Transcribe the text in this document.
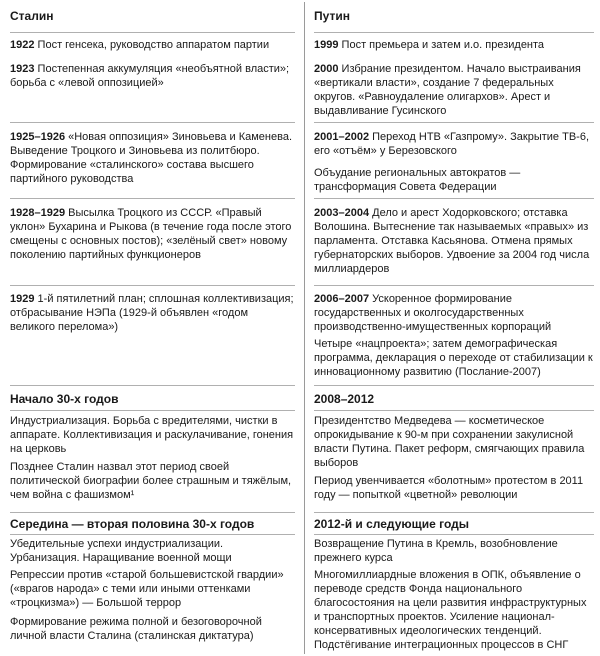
Сталин

1922 Пост генсека, руководство аппаратом партии

1923 Постепенная аккумуляция «необъятной власти»; борьба с «левой оппозицией»

1925–1926 «Новая оппозиция» Зиновьева и Каменева. Выведение Троцкого и Зиновьева из политбюро. Формирование «сталинского» состава высшего партийного руководства

1928–1929 Высылка Троцкого из СССР. «Правый уклон» Бухарина и Рыкова (в течение года после этого смещены с основных постов); «зелёный свет» новому поколению партийных функционеров

1929 1-й пятилетний план; сплошная коллективизация; отбрасывание НЭПа (1929-й объявлен «годом великого перелома»)

Начало 30-х годов

Индустриализация. Борьба с вредителями, чистки в аппарате. Коллективизация и раскулачивание, гонения на церковь

Позднее Сталин назвал этот период своей политической биографии более страшным и тяжёлым, чем война с фашизмом¹

Середина — вторая половина 30-х годов

Убедительные успехи индустриализации. Урбанизация. Наращивание военной мощи

Репрессии против «старой большевистской гвардии» («врагов народа» с теми или иными оттенками «троцкизма») — Большой террор

Формирование режима полной и безоговорочной личной власти Сталина (сталинская диктатура)

Путин

1999 Пост премьера и затем и.о. президента

2000 Избрание президентом. Начало выстраивания «вертикали власти», создание 7 федеральных округов. «Равноудаление олигархов». Арест и выдавливание Гусинского

2001–2002 Переход НТВ «Газпрому». Закрытие ТВ-6, его «отъём» у Березовского

Объудание региональных автократов — трансформация Совета Федерации

2003–2004 Дело и арест Ходорковского; отставка Волошина. Вытеснение так называемых «правых» из парламента. Отставка Касьянова. Отмена прямых губернаторских выборов. Удвоение за 2004 год числа миллиардеров

2006–2007 Ускоренное формирование государственных и околгосударственных производственно-имущественных корпораций

Четыре «нацпроекта»; затем демографическая программа, декларация о переходе от стабилизации к инновационному развитию (Послание-2007)

2008–2012

Президентство Медведева — косметическое опрокидывание к 90-м при сохранении закулисной власти Путина. Пакет реформ, смягчающих правила выборов

Период увенчивается «болотным» протестом в 2011 году — попыткой «цветной» революции

2012-й и следующие годы

Возвращение Путина в Кремль, возобновление прежнего курса

Многомиллиардные вложения в ОПК, объявление о переводе средств Фонда национального благосостояния на цели развития инфраструктурных и транспортных проектов. Усиление национал-консервативных идеологических тенденций. Подстёгивание интеграционных процессов в СНГ
